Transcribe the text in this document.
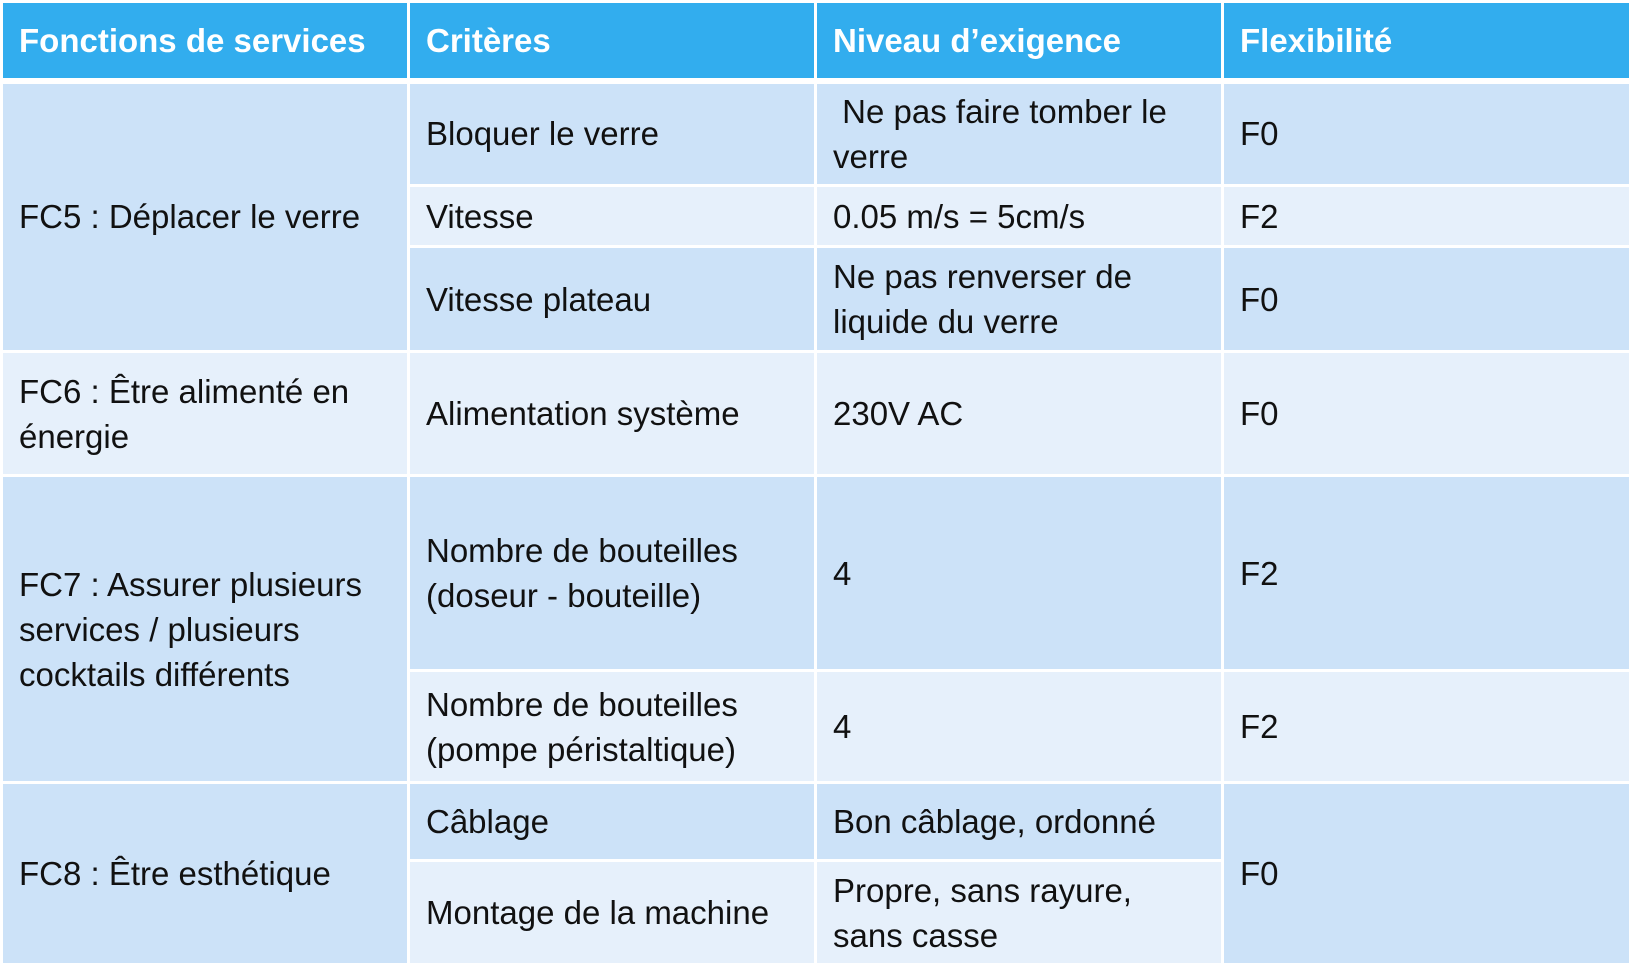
Fonctions de services	Critères	Niveau d’exigence	Flexibilité
FC5 : Déplacer le verre	Bloquer le verre	Ne pas faire tomber le verre	F0
	Vitesse	0.05 m/s = 5cm/s	F2
	Vitesse plateau	Ne pas renverser de liquide du verre	F0
FC6 : Être alimenté en énergie	Alimentation système	230V AC	F0
FC7 : Assurer plusieurs services / plusieurs cocktails différents	Nombre de bouteilles (doseur - bouteille)	4	F2
	Nombre de bouteilles (pompe péristaltique)	4	F2
FC8 : Être esthétique	Câblage	Bon câblage, ordonné	F0
	Montage de la machine	Propre, sans rayure, sans casse	
